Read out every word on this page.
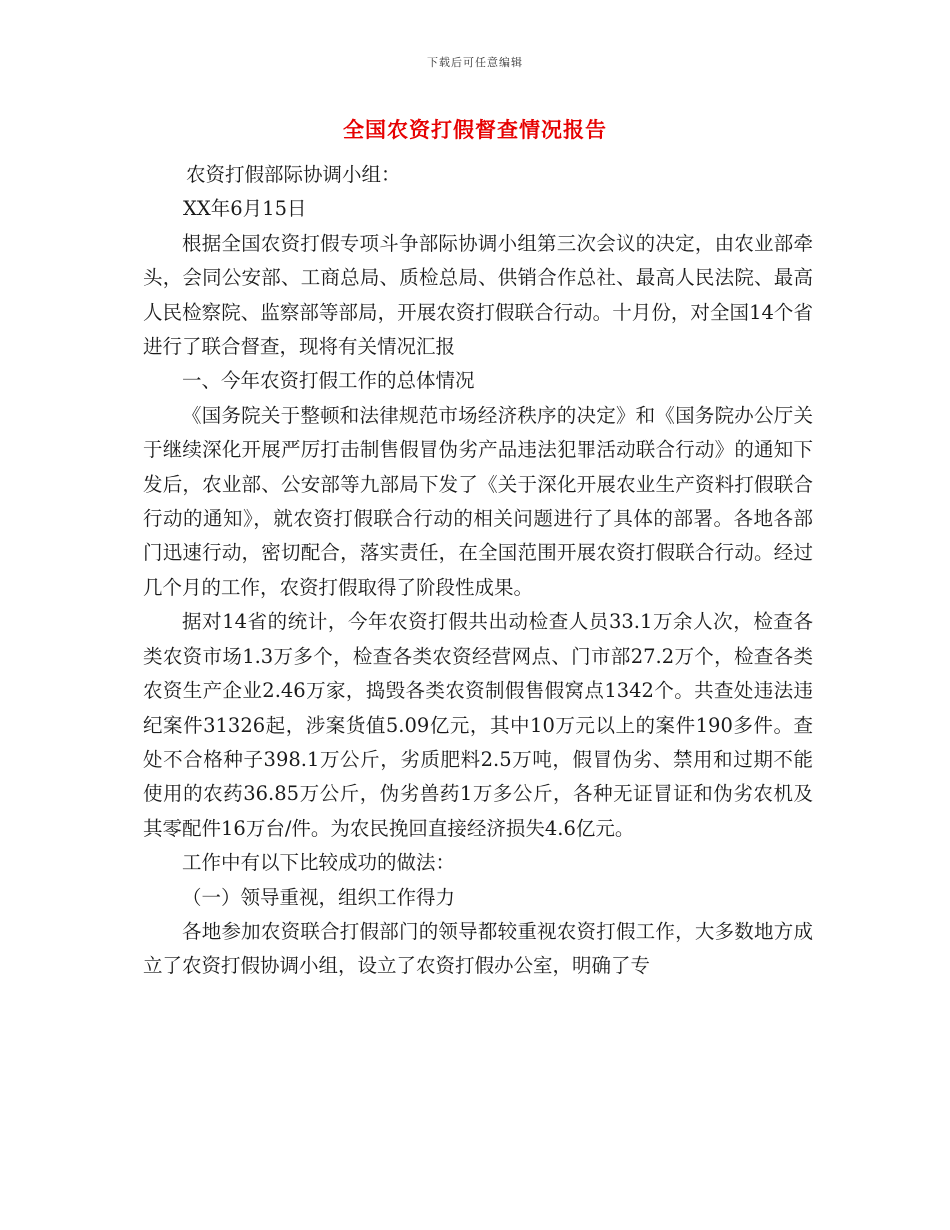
下载后可任意编辑
全国农资打假督查情况报告

农资打假部际协调小组：

XX年6月15日

根据全国农资打假专项斗争部际协调小组第三次会议的决定，由农业部牵头，会同公安部、工商总局、质检总局、供销合作总社、最高人民法院、最高人民检察院、监察部等部局，开展农资打假联合行动。十月份，对全国14个省进行了联合督查，现将有关情况汇报

一、今年农资打假工作的总体情况

《国务院关于整顿和法律规范市场经济秩序的决定》和《国务院办公厅关于继续深化开展严厉打击制售假冒伪劣产品违法犯罪活动联合行动》的通知下发后，农业部、公安部等九部局下发了《关于深化开展农业生产资料打假联合行动的通知》，就农资打假联合行动的相关问题进行了具体的部署。各地各部门迅速行动，密切配合，落实责任，在全国范围开展农资打假联合行动。经过几个月的工作，农资打假取得了阶段性成果。

据对14省的统计，今年农资打假共出动检查人员33.1万余人次，检查各类农资市场1.3万多个，检查各类农资经营网点、门市部27.2万个，检查各类农资生产企业2.46万家，捣毁各类农资制假售假窝点1342个。共查处违法违纪案件31326起，涉案货值5.09亿元，其中10万元以上的案件190多件。查处不合格种子398.1万公斤，劣质肥料2.5万吨，假冒伪劣、禁用和过期不能使用的农药36.85万公斤，伪劣兽药1万多公斤，各种无证冒证和伪劣农机及其零配件16万台/件。为农民挽回直接经济损失4.6亿元。

工作中有以下比较成功的做法：

（一）领导重视，组织工作得力

各地参加农资联合打假部门的领导都较重视农资打假工作，大多数地方成立了农资打假协调小组，设立了农资打假办公室，明确了专
